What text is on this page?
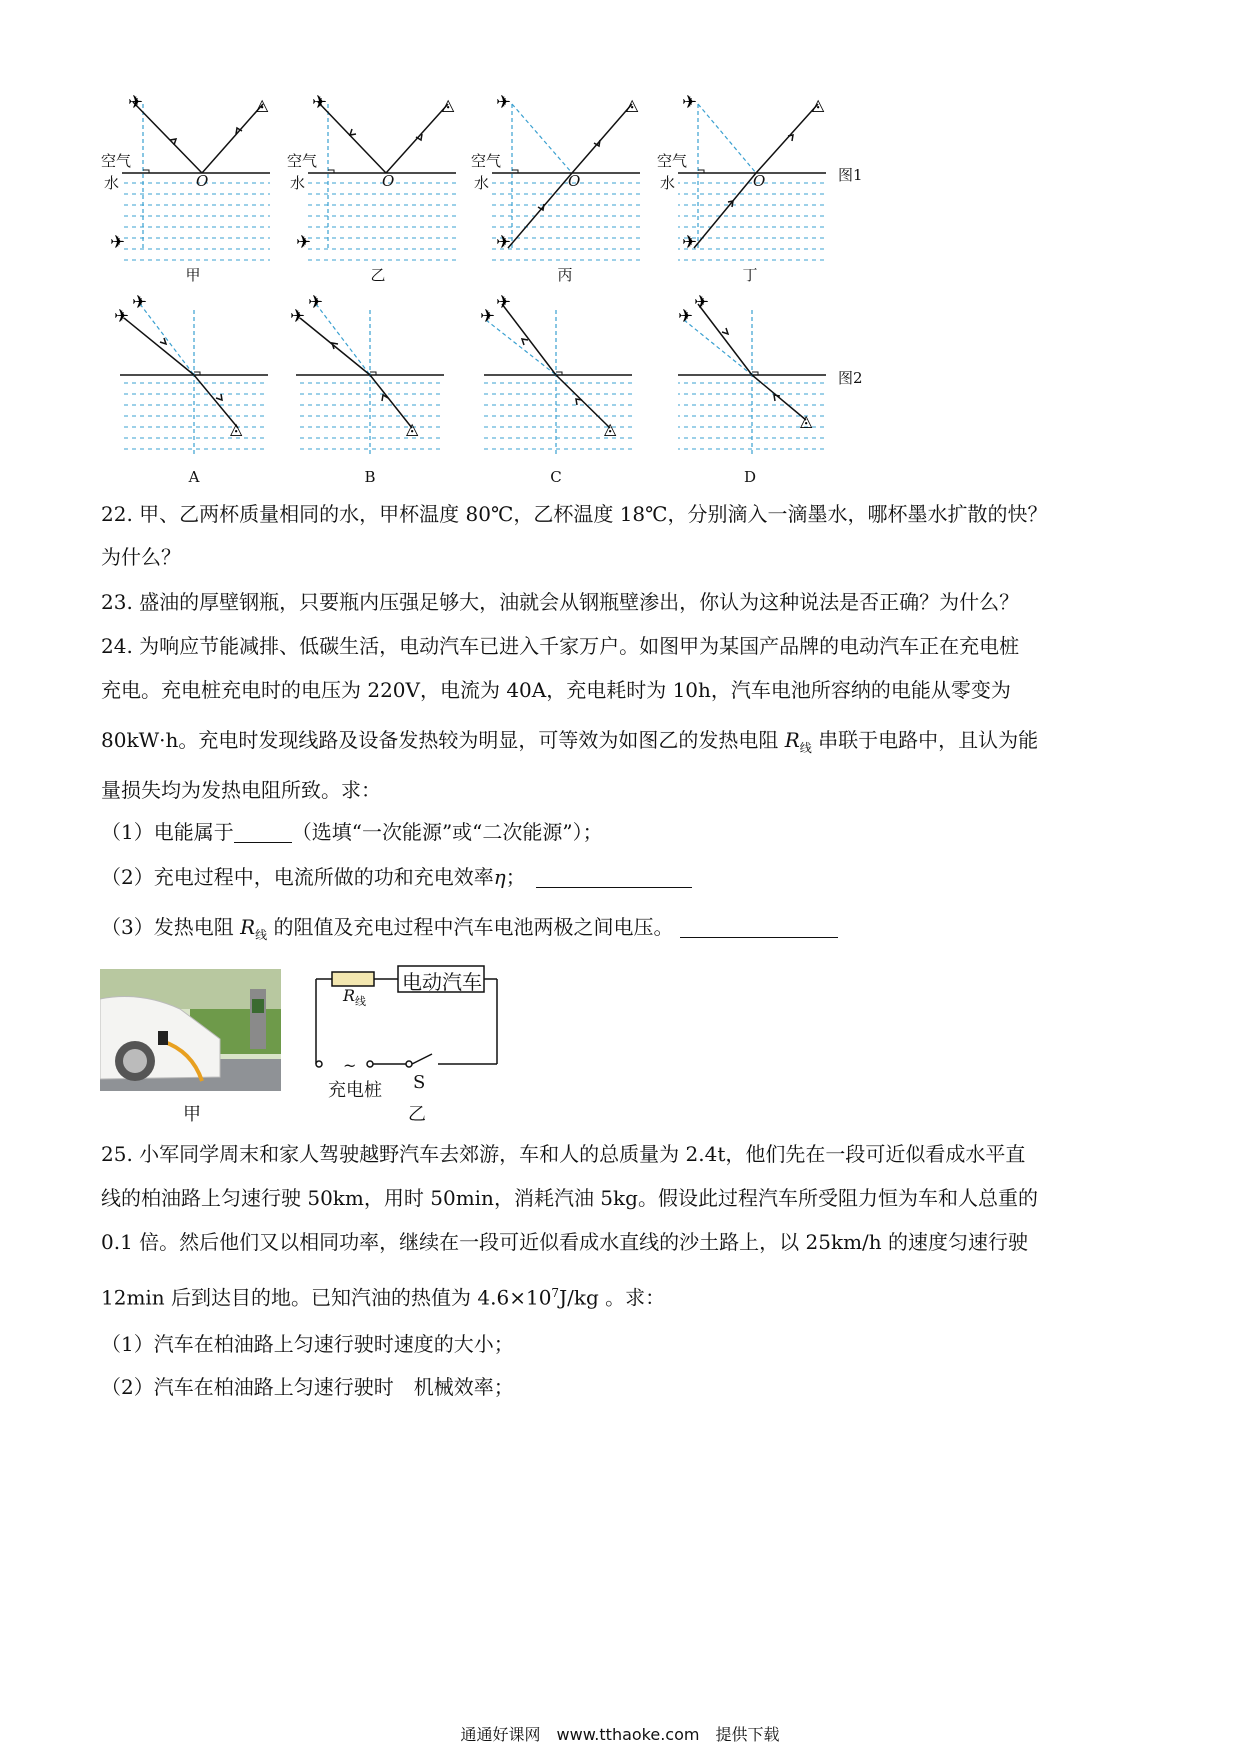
✈	◬
✈
✈	◬
✈
✈	◬
✈
✈	◬
✈
空气
水	O
甲
空气
水	O
乙
空气
水	O
丙
空气
水	O
丁
图1
✈
✈
◬
✈
✈
◬
✈
✈
◬
✈
✈
◬
A	B	C	D
图2
22. 甲、乙两杯质量相同的水，甲杯温度 80℃，乙杯温度 18℃，分别滴入一滴墨水，哪杯墨水扩散的快？
为什么？
23. 盛油的厚壁钢瓶，只要瓶内压强足够大，油就会从钢瓶壁渗出，你认为这种说法是否正确？为什么？
24. 为响应节能减排、低碳生活，电动汽车已进入千家万户。如图甲为某国产品牌的电动汽车正在充电桩
充电。充电桩充电时的电压为 220V，电流为 40A，充电耗时为 10h，汽车电池所容纳的电能从零变为
80kW·h。充电时发现线路及设备发热较为明显，可等效为如图乙的发热电阻 $R_线$ 串联于电路中，且认为能
量损失均为发热电阻所致。求：
（1）电能属于	（选填“一次能源”或“二次能源”）；
（2）充电过程中，电流所做的功和充电效率η；
（3）发热电阻 $R_线$ 的阻值及充电过程中汽车电池两极之间电压。
甲
$R_线$
电动汽车
~
充电桩 S
乙
25. 小军同学周末和家人驾驶越野汽车去郊游，车和人的总质量为 2.4t，他们先在一段可近似看成水平直
线的柏油路上匀速行驶 50km，用时 50min，消耗汽油 5kg。假设此过程汽车所受阻力恒为车和人总重的
0.1 倍。然后他们又以相同功率，继续在一段可近似看成水直线的沙土路上，以 25km/h 的速度匀速行驶
12min 后到达目的地。已知汽油的热值为 $4.6\times 10^7J/kg$ 。求：
（1）汽车在柏油路上匀速行驶时速度的大小；
（2）汽车在柏油路上匀速行驶时　机械效率；
通通好课网　www.tthaoke.com　提供下载
